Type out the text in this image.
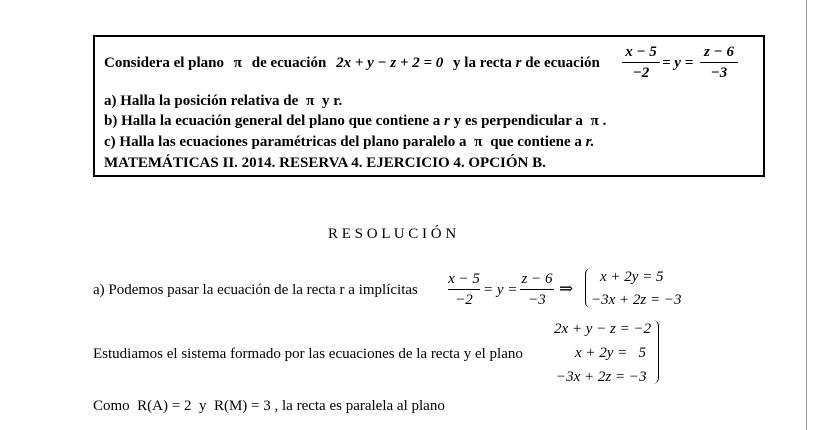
Considera el plano π de ecuación 2x + y − z + 2 = 0 y la recta r de ecuación
x − 5
−2
= y =
z − 6
−3
a) Halla la posición relativa de π y r.
b) Halla la ecuación general del plano que contiene a r y es perpendicular a π .
c) Halla las ecuaciones paramétricas del plano paralelo a π que contiene a r.
MATEMÁTICAS II. 2014. RESERVA 4. EJERCICIO 4. OPCIÓN B.
R E S O L U C I Ó N
a) Podemos pasar la ecuación de la recta r a implícitas
x − 5
−2
= y =
z − 6
−3
⇒
x + 2y = 5
−3x + 2z = −3
2x + y − z = −2
Estudiamos el sistema formado por las ecuaciones de la recta y el plano	x + 2y =   5
−3x + 2z = −3
Como  R(A) = 2  y  R(M) = 3 , la recta es paralela al plano
